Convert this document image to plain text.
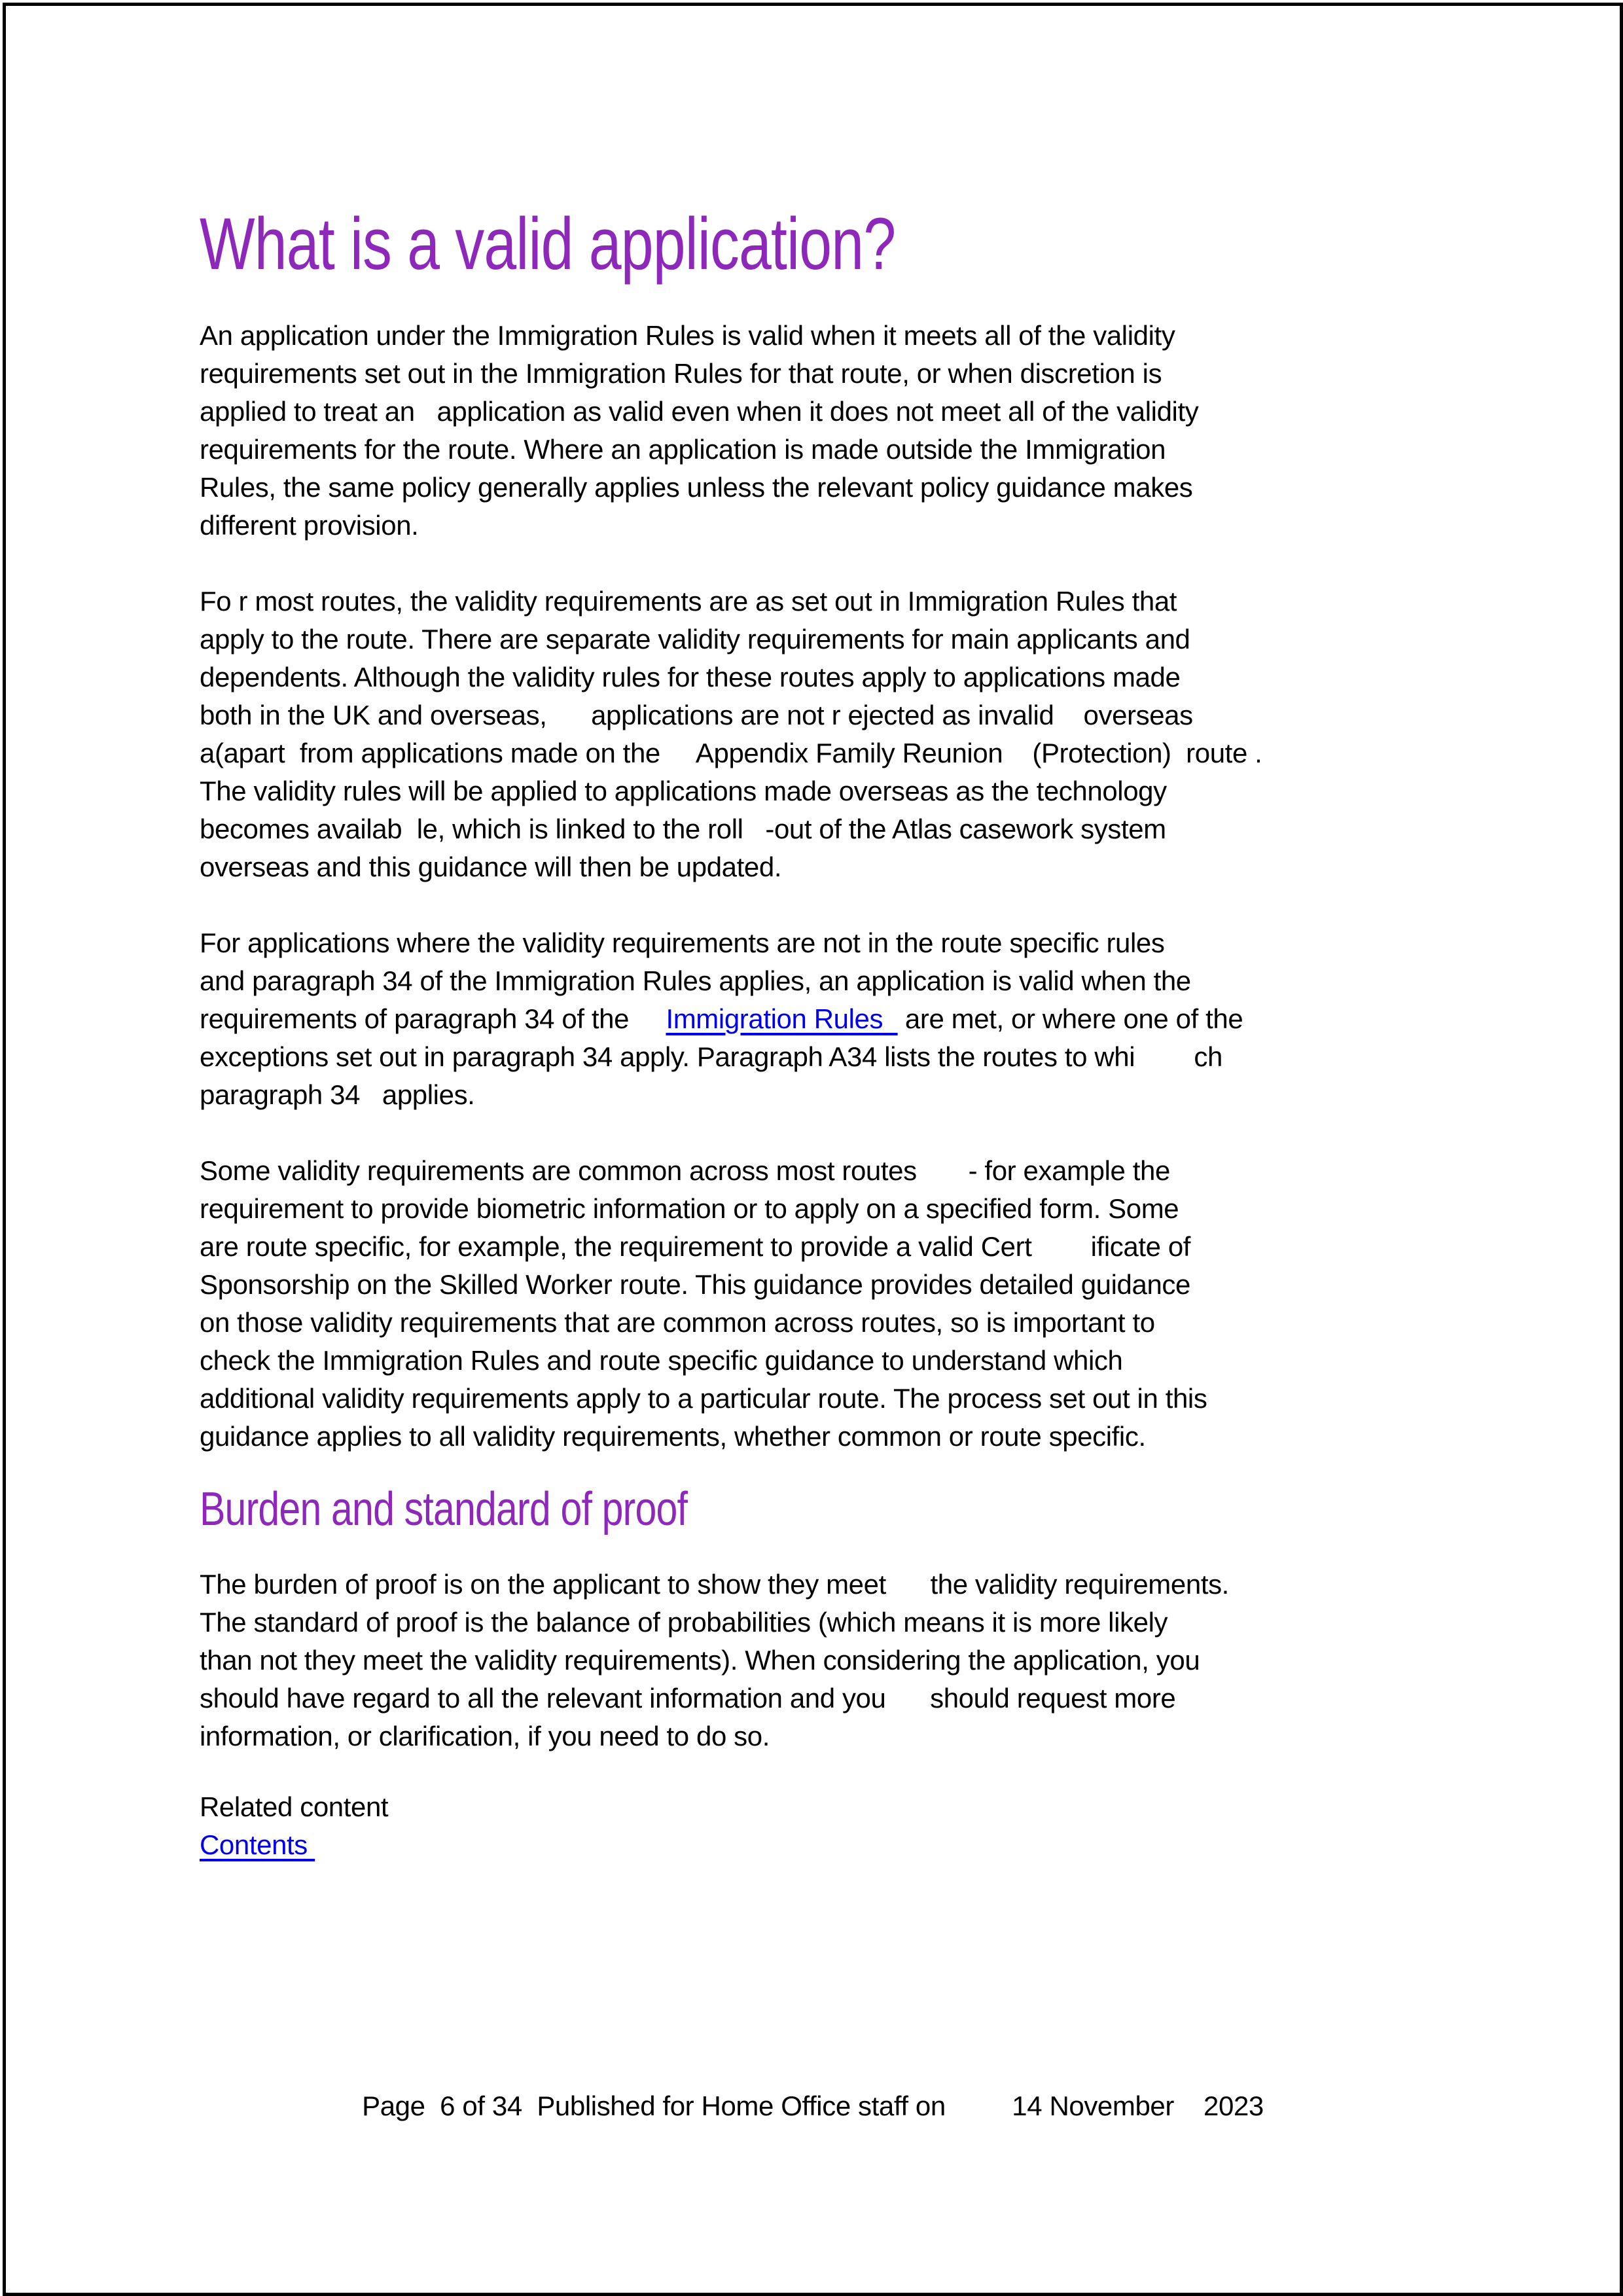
What is a valid application?

An application under the Immigration Rules is valid when it meets all of the validity
requirements set out in the Immigration Rules for that route, or when discretion is
applied to treat an   application as valid even when it does not meet all of the validity
requirements for the route. Where an application is made outside the Immigration
Rules, the same policy generally applies unless the relevant policy guidance makes
different provision.

Fo r most routes, the validity requirements are as set out in Immigration Rules that
apply to the route. There are separate validity requirements for main applicants and
dependents. Although the validity rules for these routes apply to applications made
both in the UK and overseas,      applications are not r ejected as invalid    overseas
a(apart  from applications made on the     Appendix Family Reunion    (Protection)  route .
The validity rules will be applied to applications made overseas as the technology
becomes availab  le, which is linked to the roll   -out of the Atlas casework system
overseas and this guidance will then be updated.

For applications where the validity requirements are not in the route specific rules
and paragraph 34 of the Immigration Rules applies, an application is valid when the
requirements of paragraph 34 of the     Immigration Rules   are met, or where one of the
exceptions set out in paragraph 34 apply. Paragraph A34 lists the routes to whi        ch
paragraph 34   applies.

Some validity requirements are common across most routes       - for example the
requirement to provide biometric information or to apply on a specified form. Some
are route specific, for example, the requirement to provide a valid Cert        ificate of
Sponsorship on the Skilled Worker route. This guidance provides detailed guidance
on those validity requirements that are common across routes, so is important to
check the Immigration Rules and route specific guidance to understand which
additional validity requirements apply to a particular route. The process set out in this
guidance applies to all validity requirements, whether common or route specific.

Burden and standard of proof

The burden of proof is on the applicant to show they meet      the validity requirements.
The standard of proof is the balance of probabilities (which means it is more likely
than not they meet the validity requirements). When considering the application, you
should have regard to all the relevant information and you      should request more
information, or clarification, if you need to do so.

Related content
Contents

Page  6 of 34  Published for Home Office staff on         14 November    2023
